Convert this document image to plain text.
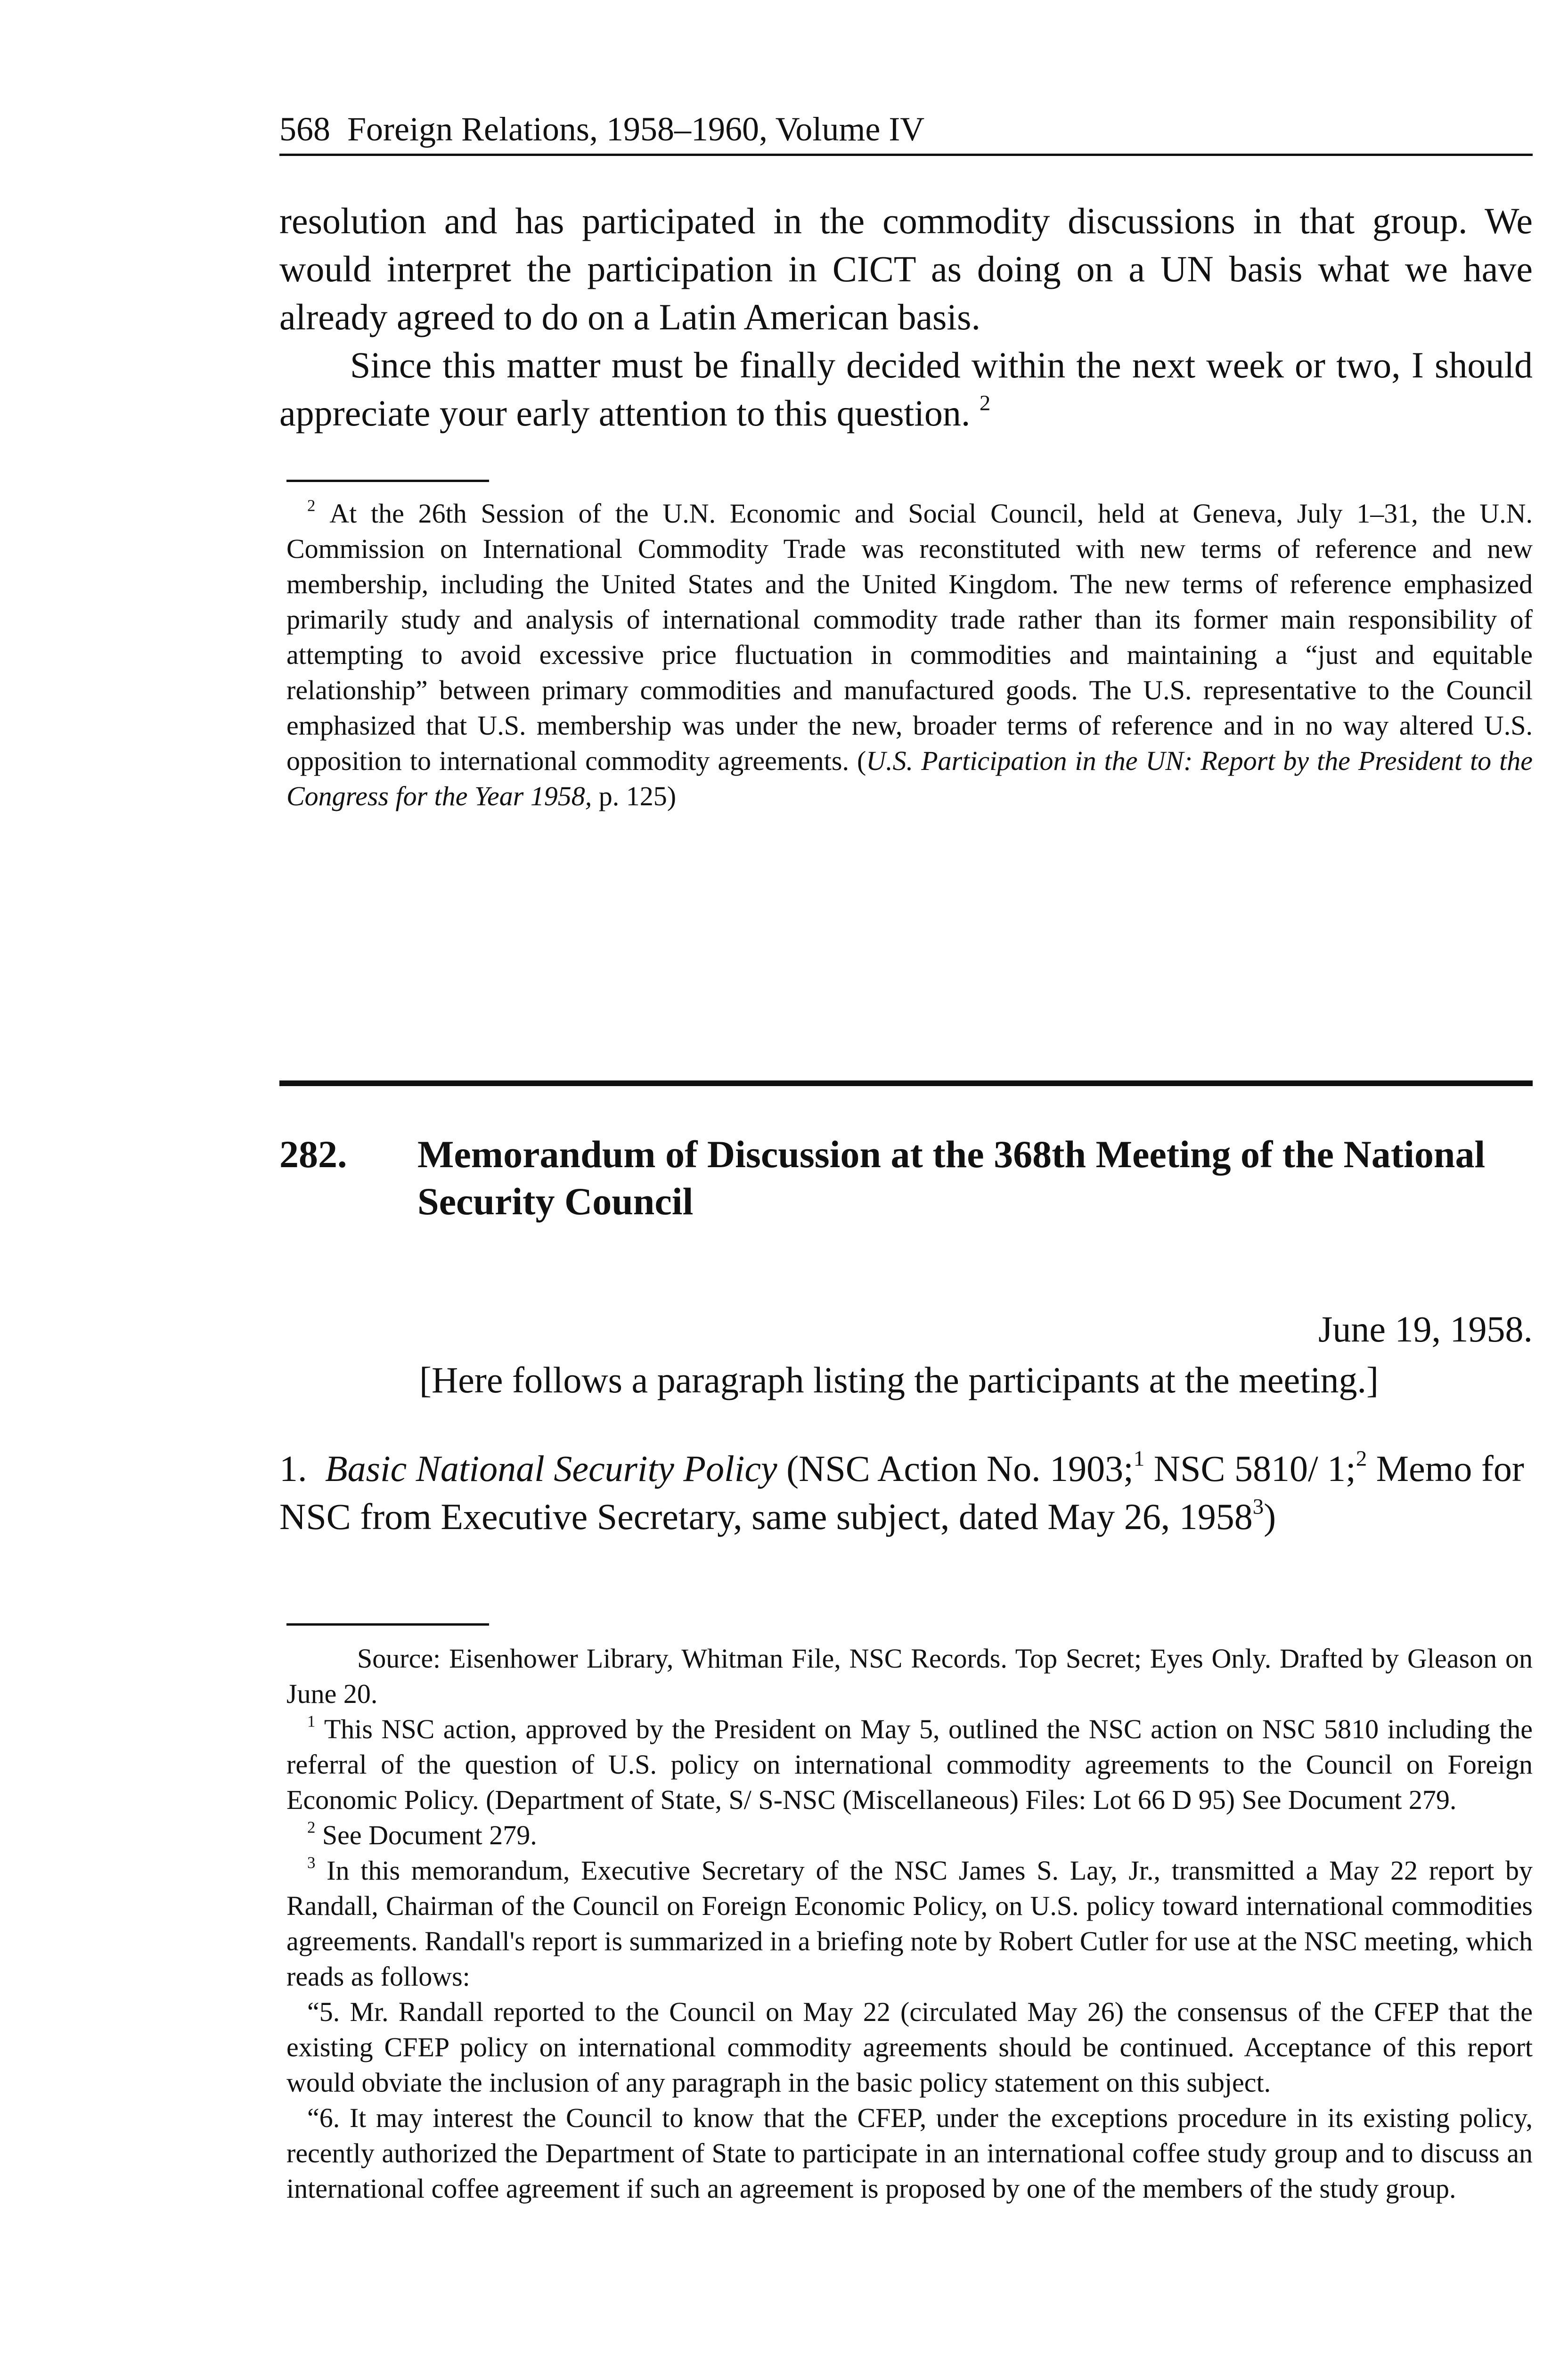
568 Foreign Relations, 1958–1960, Volume IV

resolution and has participated in the commodity discussions in that group. We would interpret the participation in CICT as doing on a UN basis what we have already agreed to do on a Latin American basis.

Since this matter must be finally decided within the next week or two, I should appreciate your early attention to this question. $^2$

$^2$ At the 26th Session of the U.N. Economic and Social Council, held at Geneva, July 1–31, the U.N. Commission on International Commodity Trade was reconstituted with new terms of reference and new membership, including the United States and the United Kingdom. The new terms of reference emphasized primarily study and analysis of international commodity trade rather than its former main responsibility of attempting to avoid excessive price fluctuation in commodities and maintaining a “just and equitable relationship” between primary commodities and manufactured goods. The U.S. representative to the Council emphasized that U.S. membership was under the new, broader terms of reference and in no way altered U.S. opposition to international commodity agreements. (U.S. Participation in the UN: Report by the President to the Congress for the Year 1958, p. 125)

282. Memorandum of Discussion at the 368th Meeting of the National Security Council
June 19, 1958.
[Here follows a paragraph listing the participants at the meeting.]
1. Basic National Security Policy (NSC Action No. 1903;$^1$ NSC 5810/ 1;$^2$ Memo for NSC from Executive Secretary, same subject, dated May 26, 1958$^3$)

Source: Eisenhower Library, Whitman File, NSC Records. Top Secret; Eyes Only. Drafted by Gleason on June 20.

$^1$ This NSC action, approved by the President on May 5, outlined the NSC action on NSC 5810 including the referral of the question of U.S. policy on international commodity agreements to the Council on Foreign Economic Policy. (Department of State, S/ S-NSC (Miscellaneous) Files: Lot 66 D 95) See Document 279.

$^2$ See Document 279.

$^3$ In this memorandum, Executive Secretary of the NSC James S. Lay, Jr., transmitted a May 22 report by Randall, Chairman of the Council on Foreign Economic Policy, on U.S. policy toward international commodities agreements. Randall's report is summarized in a briefing note by Robert Cutler for use at the NSC meeting, which reads as follows:

“5. Mr. Randall reported to the Council on May 22 (circulated May 26) the consensus of the CFEP that the existing CFEP policy on international commodity agreements should be continued. Acceptance of this report would obviate the inclusion of any paragraph in the basic policy statement on this subject.

“6. It may interest the Council to know that the CFEP, under the exceptions procedure in its existing policy, recently authorized the Department of State to participate in an international coffee study group and to discuss an international coffee agreement if such an agreement is proposed by one of the members of the study group.
